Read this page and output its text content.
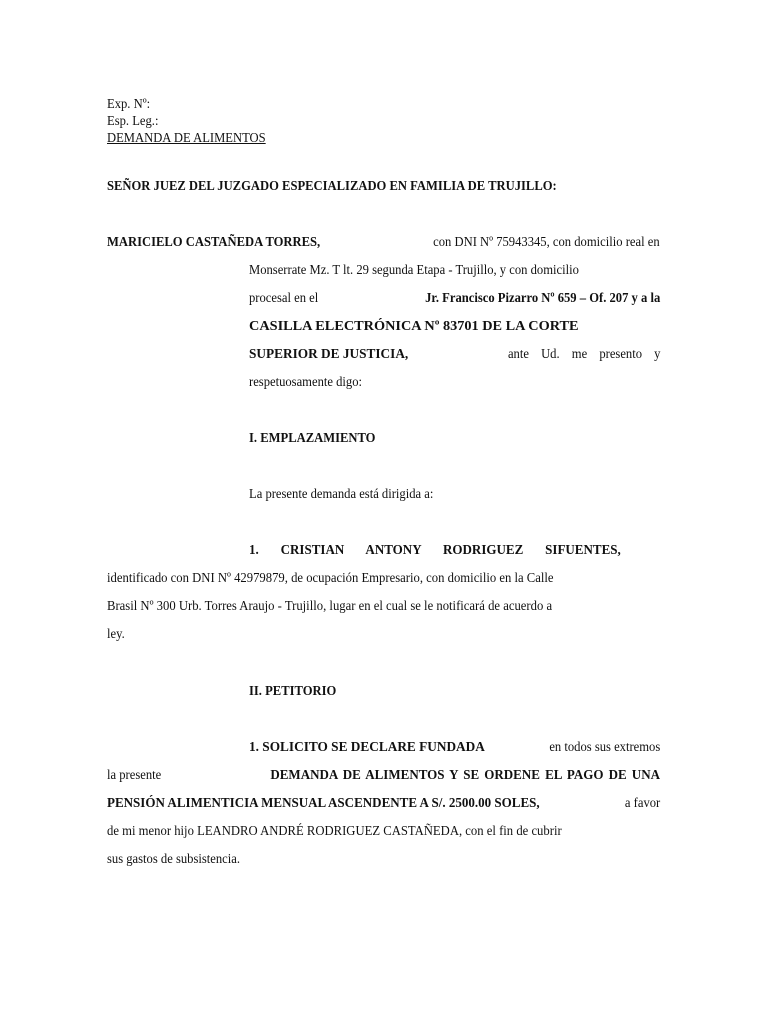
Exp. Nº:
Esp. Leg.:
DEMANDA DE ALIMENTOS
SEÑOR JUEZ DEL JUZGADO ESPECIALIZADO EN FAMILIA DE TRUJILLO:
MARICIELO CASTAÑEDA TORRES,	con DNI Nº 75943345, con domicilio real en
Monserrate Mz. T lt. 29 segunda Etapa - Trujillo, y con domicilio
procesal en el	Jr. Francisco Pizarro Nº 659 – Of. 207 y a la
CASILLA ELECTRÓNICA Nº 83701 DE LA CORTE
SUPERIOR DE JUSTICIA,	ante Ud. me presento y
respetuosamente digo:
I. EMPLAZAMIENTO
La presente demanda está dirigida a:
1. CRISTIAN ANTONY RODRIGUEZ SIFUENTES,
identificado con DNI Nº 42979879, de ocupación Empresario, con domicilio en la Calle
Brasil Nº 300 Urb. Torres Araujo - Trujillo, lugar en el cual se le notificará de acuerdo a
ley.
II. PETITORIO
1. SOLICITO SE DECLARE FUNDADA	en todos sus extremos
la presente	DEMANDA DE ALIMENTOS Y SE ORDENE EL PAGO DE UNA
PENSIÓN ALIMENTICIA MENSUAL ASCENDENTE A S/. 2500.00 SOLES,	a favor
de mi menor hijo LEANDRO ANDRÉ RODRIGUEZ CASTAÑEDA, con el fin de cubrir
sus gastos de subsistencia.
